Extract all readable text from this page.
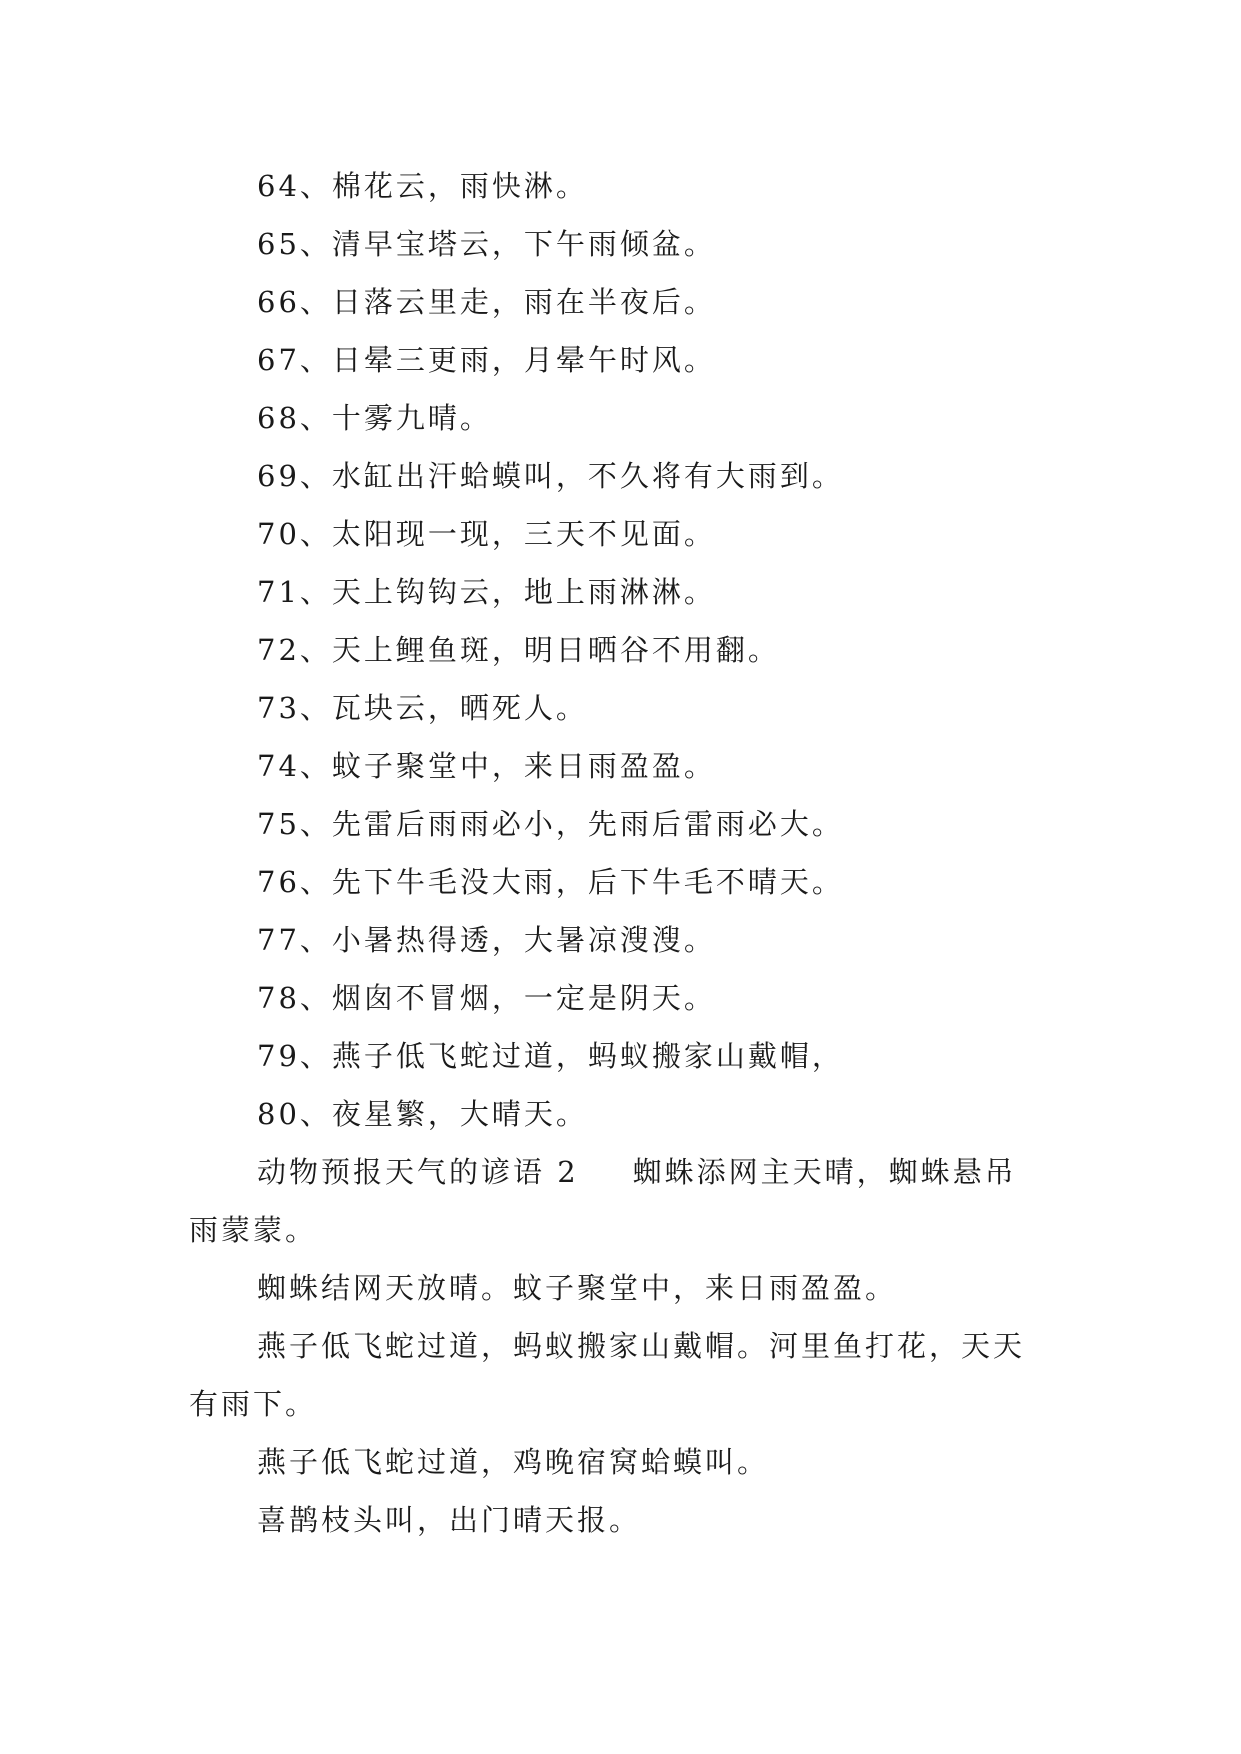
64、棉花云，雨快淋。
65、清早宝塔云，下午雨倾盆。
66、日落云里走，雨在半夜后。
67、日晕三更雨，月晕午时风。
68、十雾九晴。
69、水缸出汗蛤蟆叫，不久将有大雨到。
70、太阳现一现，三天不见面。
71、天上钩钩云，地上雨淋淋。
72、天上鲤鱼斑，明日晒谷不用翻。
73、瓦块云，晒死人。
74、蚊子聚堂中，来日雨盈盈。
75、先雷后雨雨必小，先雨后雷雨必大。
76、先下牛毛没大雨，后下牛毛不晴天。
77、小暑热得透，大暑凉溲溲。
78、烟囱不冒烟，一定是阴天。
79、燕子低飞蛇过道，蚂蚁搬家山戴帽，
80、夜星繁，大晴天。
动物预报天气的谚语 2 蜘蛛添网主天晴，蜘蛛悬吊
雨蒙蒙。
蜘蛛结网天放晴。蚊子聚堂中，来日雨盈盈。
燕子低飞蛇过道，蚂蚁搬家山戴帽。河里鱼打花，天天
有雨下。
燕子低飞蛇过道，鸡晚宿窝蛤蟆叫。
喜鹊枝头叫，出门晴天报。
